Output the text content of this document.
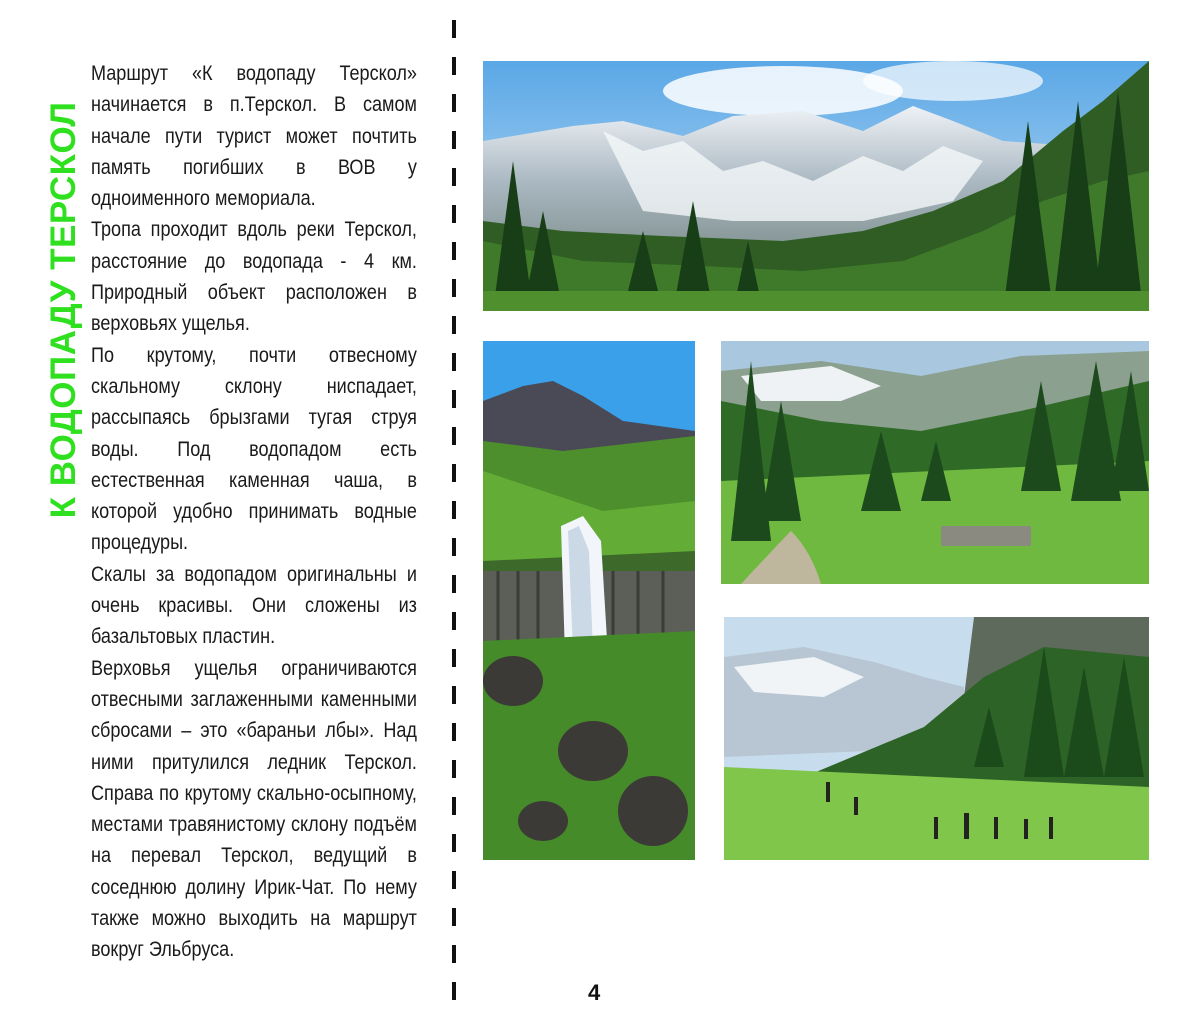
К ВОДОПАДУ ТЕРСКОЛ

Маршрут «К водопаду Терскол» начинается в п.Терскол. В самом начале пути турист может почтить память погибших в ВОВ у одноименного мемориала.

Тропа проходит вдоль реки Терскол, расстояние до водопада - 4 км. Природный объект расположен в верховьях ущелья.

По крутому, почти отвесному скальному склону ниспадает, рассыпаясь брызгами тугая струя воды. Под водопадом есть естественная каменная чаша, в которой удобно принимать водные процедуры.

Скалы за водопадом оригинальны и очень красивы. Они сложены из базальтовых пластин.

Верховья ущелья ограничиваются отвесными заглаженными каменными сбросами – это «бараньи лбы». Над ними притулился ледник Терскол. Справа по крутому скально-осыпному, местами травянистому склону подъём на перевал Терскол, ведущий в соседнюю долину Ирик-Чат. По нему также можно выходить на маршрут вокруг Эльбруса.

4
